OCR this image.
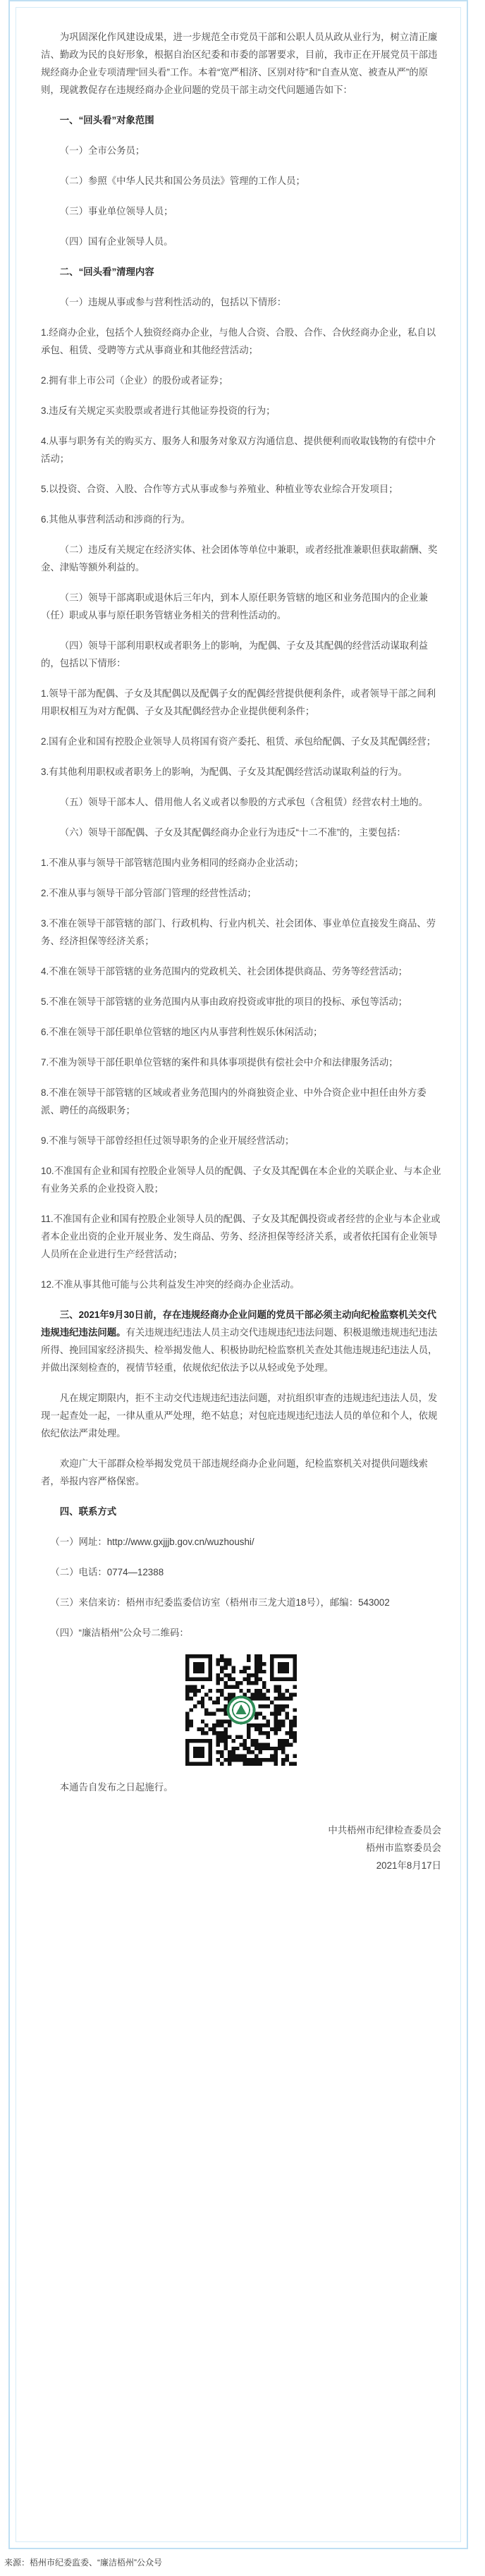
为巩固深化作风建设成果，进一步规范全市党员干部和公职人员从政从业行为，树立清正廉洁、勤政为民的良好形象，根据自治区纪委和市委的部署要求，目前，我市正在开展党员干部违规经商办企业专项清理“回头看”工作。本着“宽严相济、区别对待”和“自查从宽、被查从严”的原则，现就教促存在违规经商办企业问题的党员干部主动交代问题通告如下：

一、“回头看”对象范围

（一）全市公务员；

（二）参照《中华人民共和国公务员法》管理的工作人员；

（三）事业单位领导人员；

（四）国有企业领导人员。

二、“回头看”清理内容

（一）违规从事或参与营利性活动的，包括以下情形：

1.经商办企业，包括个人独资经商办企业，与他人合资、合股、合作、合伙经商办企业，私自以承包、租赁、受聘等方式从事商业和其他经营活动；

2.拥有非上市公司（企业）的股份或者证券；

3.违反有关规定买卖股票或者进行其他证券投资的行为；

4.从事与职务有关的购买方、服务人和服务对象双方沟通信息、提供便利而收取钱物的有偿中介活动；

5.以投资、合资、入股、合作等方式从事或参与养殖业、种植业等农业综合开发项目；

6.其他从事营利活动和涉商的行为。

（二）违反有关规定在经济实体、社会团体等单位中兼职，或者经批准兼职但获取薪酬、奖金、津贴等额外利益的。

（三）领导干部离职或退休后三年内，到本人原任职务管辖的地区和业务范围内的企业兼（任）职或从事与原任职务管辖业务相关的营利性活动的。

（四）领导干部利用职权或者职务上的影响，为配偶、子女及其配偶的经营活动谋取利益的，包括以下情形：

1.领导干部为配偶、子女及其配偶以及配偶子女的配偶经营提供便利条件，或者领导干部之间利用职权相互为对方配偶、子女及其配偶经营办企业提供便利条件；

2.国有企业和国有控股企业领导人员将国有资产委托、租赁、承包给配偶、子女及其配偶经营；

3.有其他利用职权或者职务上的影响，为配偶、子女及其配偶经营活动谋取利益的行为。

（五）领导干部本人、借用他人名义或者以参股的方式承包（含租赁）经营农村土地的。

（六）领导干部配偶、子女及其配偶经商办企业行为违反“十二不准”的，主要包括：

1.不准从事与领导干部管辖范围内业务相同的经商办企业活动；

2.不准从事与领导干部分管部门管理的经营性活动；

3.不准在领导干部管辖的部门、行政机构、行业内机关、社会团体、事业单位直接发生商品、劳务、经济担保等经济关系；

4.不准在领导干部管辖的业务范围内的党政机关、社会团体提供商品、劳务等经营活动；

5.不准在领导干部管辖的业务范围内从事由政府投资或审批的项目的投标、承包等活动；

6.不准在领导干部任职单位管辖的地区内从事营利性娱乐休闲活动；

7.不准为领导干部任职单位管辖的案件和具体事项提供有偿社会中介和法律服务活动；

8.不准在领导干部管辖的区域或者业务范围内的外商独资企业、中外合资企业中担任由外方委派、聘任的高级职务；

9.不准与领导干部曾经担任过领导职务的企业开展经营活动；

10.不准国有企业和国有控股企业领导人员的配偶、子女及其配偶在本企业的关联企业、与本企业有业务关系的企业投资入股；

11.不准国有企业和国有控股企业领导人员的配偶、子女及其配偶投资或者经营的企业与本企业或者本企业出资的企业开展业务、发生商品、劳务、经济担保等经济关系，或者依托国有企业领导人员所在企业进行生产经营活动；

12.不准从事其他可能与公共利益发生冲突的经商办企业活动。

三、2021年9月30日前，存在违规经商办企业问题的党员干部必须主动向纪检监察机关交代违规违纪违法问题。有关违规违纪违法人员主动交代违规违纪违法问题、积极退缴违规违纪违法所得、挽回国家经济损失、检举揭发他人、积极协助纪检监察机关查处其他违规违纪违法人员，并做出深刻检查的，视情节轻重，依规依纪依法予以从轻或免予处理。

凡在规定期限内，拒不主动交代违规违纪违法问题，对抗组织审查的违规违纪违法人员，发现一起查处一起，一律从重从严处理，绝不姑息；对包庇违规违纪违法人员的单位和个人，依规依纪依法严肃处理。

欢迎广大干部群众检举揭发党员干部违规经商办企业问题，纪检监察机关对提供问题线索者，举报内容严格保密。

四、联系方式

（一）网址：http://www.gxjjjb.gov.cn/wuzhoushi/

（二）电话：0774—12388

（三）来信来访：梧州市纪委监委信访室（梧州市三龙大道18号），邮编：543002

（四）“廉洁梧州”公众号二维码：

本通告自发布之日起施行。

中共梧州市纪律检查委员会

梧州市监察委员会

2021年8月17日

来源：梧州市纪委监委、“廉洁梧州”公众号
